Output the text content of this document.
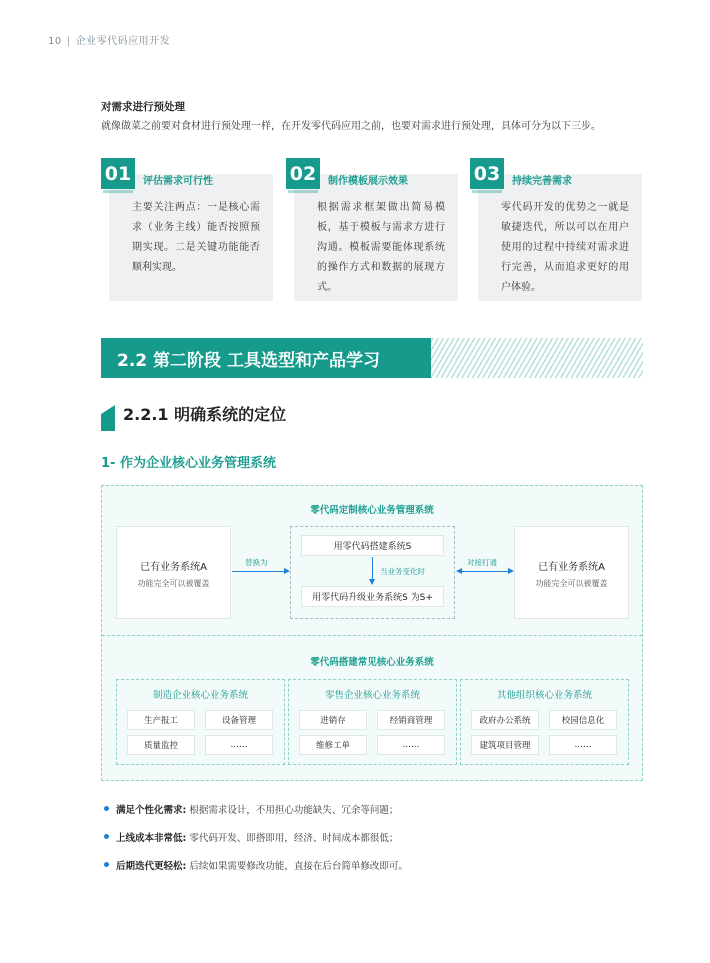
10 | 企业零代码应用开发
对需求进行预处理
就像做菜之前要对食材进行预处理一样，在开发零代码应用之前，也要对需求进行预处理，具体可分为以下三步。
01	评估需求可行性
主要关注两点：一是核心需求（业务主线）能否按照预期实现。二是关键功能能否顺利实现。
02	制作模板展示效果
根据需求框架做出简易模板，基于模板与需求方进行沟通。模板需要能体现系统的操作方式和数据的展现方式。
03	持续完善需求
零代码开发的优势之一就是敏捷迭代，所以可以在用户使用的过程中持续对需求进行完善，从而追求更好的用户体验。
2.2 第二阶段 工具选型和产品学习
2.2.1 明确系统的定位
1- 作为企业核心业务管理系统
零代码定制核心业务管理系统
已有业务系统A
功能完全可以被覆盖
用零代码搭建系统S
用零代码升级业务系统S 为S+
当业务变化时	已有业务系统A
功能完全可以被覆盖
替换为	对接打通
零代码搭建常见核心业务系统
制造企业核心业务系统
生产报工	设备管理
质量监控	……
零售企业核心业务系统
进销存	经销商管理
维修工单	……
其他组织核心业务系统
政府办公系统	校园信息化
建筑项目管理	……
满足个性化需求: 根据需求设计，不用担心功能缺失、冗余等问题；
上线成本非常低: 零代码开发、即搭即用，经济、时间成本都很低；
后期迭代更轻松: 后续如果需要修改功能，直接在后台简单修改即可。
